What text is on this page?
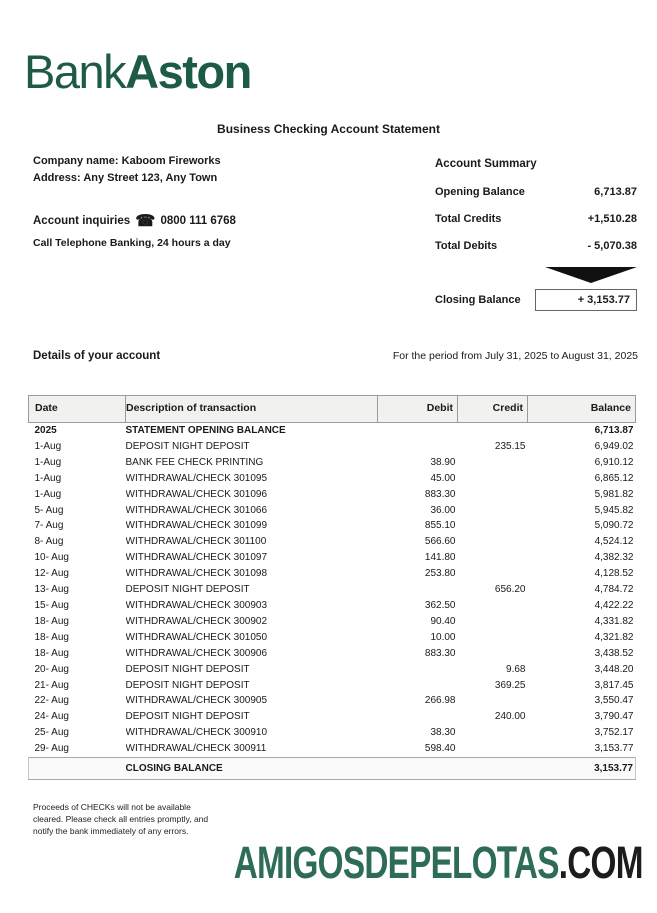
BankAston
Business Checking Account Statement
Company name: Kaboom Fireworks
Address: Any Street 123, Any Town
Account inquiries ☎ 0800 111 6768
Call Telephone Banking, 24 hours a day
Account Summary
Opening Balance	6,713.87
Total Credits	+1,510.28
Total Debits	- 5,070.38
Closing Balance	+ 3,153.77
Details of your account	For the period from July 31, 2025 to August 31, 2025
Date	Description of transaction	Debit	Credit	Balance
2025	STATEMENT OPENING BALANCE			6,713.87
1-Aug	DEPOSIT NIGHT DEPOSIT		235.15	6,949.02
1-Aug	BANK FEE CHECK PRINTING	38.90		6,910.12
1-Aug	WITHDRAWAL/CHECK 301095	45.00		6,865.12
1-Aug	WITHDRAWAL/CHECK 301096	883.30		5,981.82
5- Aug	WITHDRAWAL/CHECK 301066	36.00		5,945.82
7- Aug	WITHDRAWAL/CHECK 301099	855.10		5,090.72
8- Aug	WITHDRAWAL/CHECK 301100	566.60		4,524.12
10- Aug	WITHDRAWAL/CHECK 301097	141.80		4,382.32
12- Aug	WITHDRAWAL/CHECK 301098	253.80		4,128.52
13- Aug	DEPOSIT NIGHT DEPOSIT		656.20	4,784.72
15- Aug	WITHDRAWAL/CHECK 300903	362.50		4,422.22
18- Aug	WITHDRAWAL/CHECK 300902	90.40		4,331.82
18- Aug	WITHDRAWAL/CHECK 301050	10.00		4,321.82
18- Aug	WITHDRAWAL/CHECK 300906	883.30		3,438.52
20- Aug	DEPOSIT NIGHT DEPOSIT		9.68	3,448.20
21- Aug	DEPOSIT NIGHT DEPOSIT		369.25	3,817.45
22- Aug	WITHDRAWAL/CHECK 300905	266.98		3,550.47
24- Aug	DEPOSIT NIGHT DEPOSIT		240.00	3,790.47
25- Aug	WITHDRAWAL/CHECK 300910	38.30		3,752.17
29- Aug	WITHDRAWAL/CHECK 300911	598.40		3,153.77
	CLOSING BALANCE			3,153.77
Proceeds of CHECKs will not be available
cleared. Please check all entries promptly, and
notify the bank immediately of any errors.
AMIGOSDEPELOTAS.COM
